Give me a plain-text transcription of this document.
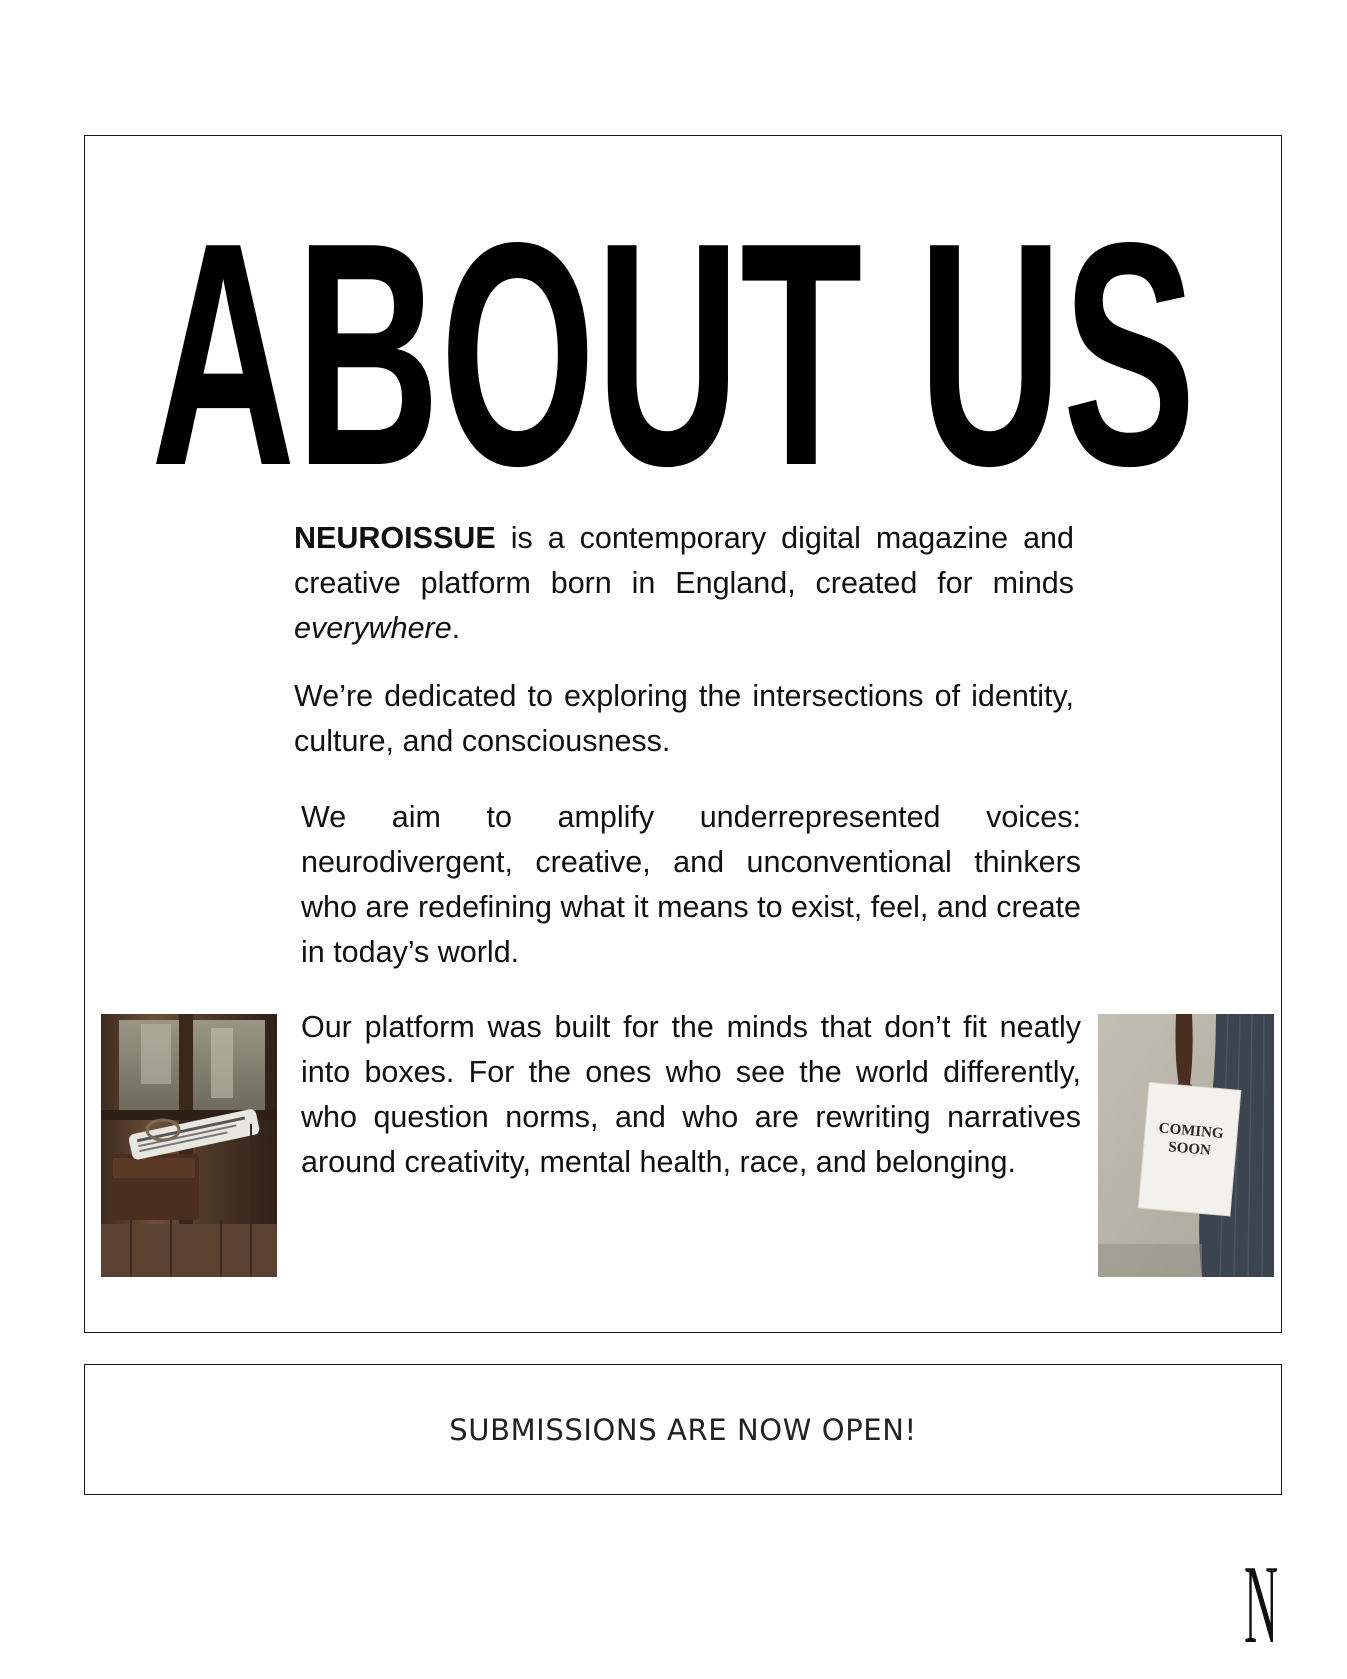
ABOUT US

NEUROISSUE is a contemporary digital magazine and creative platform born in England, created for minds everywhere.

We’re dedicated to exploring the intersections of identity, culture, and consciousness.

We aim to amplify underrepresented voices: neurodivergent, creative, and unconventional thinkers who are redefining what it means to exist, feel, and create in today’s world.

Our platform was built for the minds that don’t fit neatly into boxes. For the ones who see the world differently, who question norms, and who are rewriting narratives around creativity, mental health, race, and belonging.

COMING
SOON
SUBMISSIONS ARE NOW OPEN!
N
